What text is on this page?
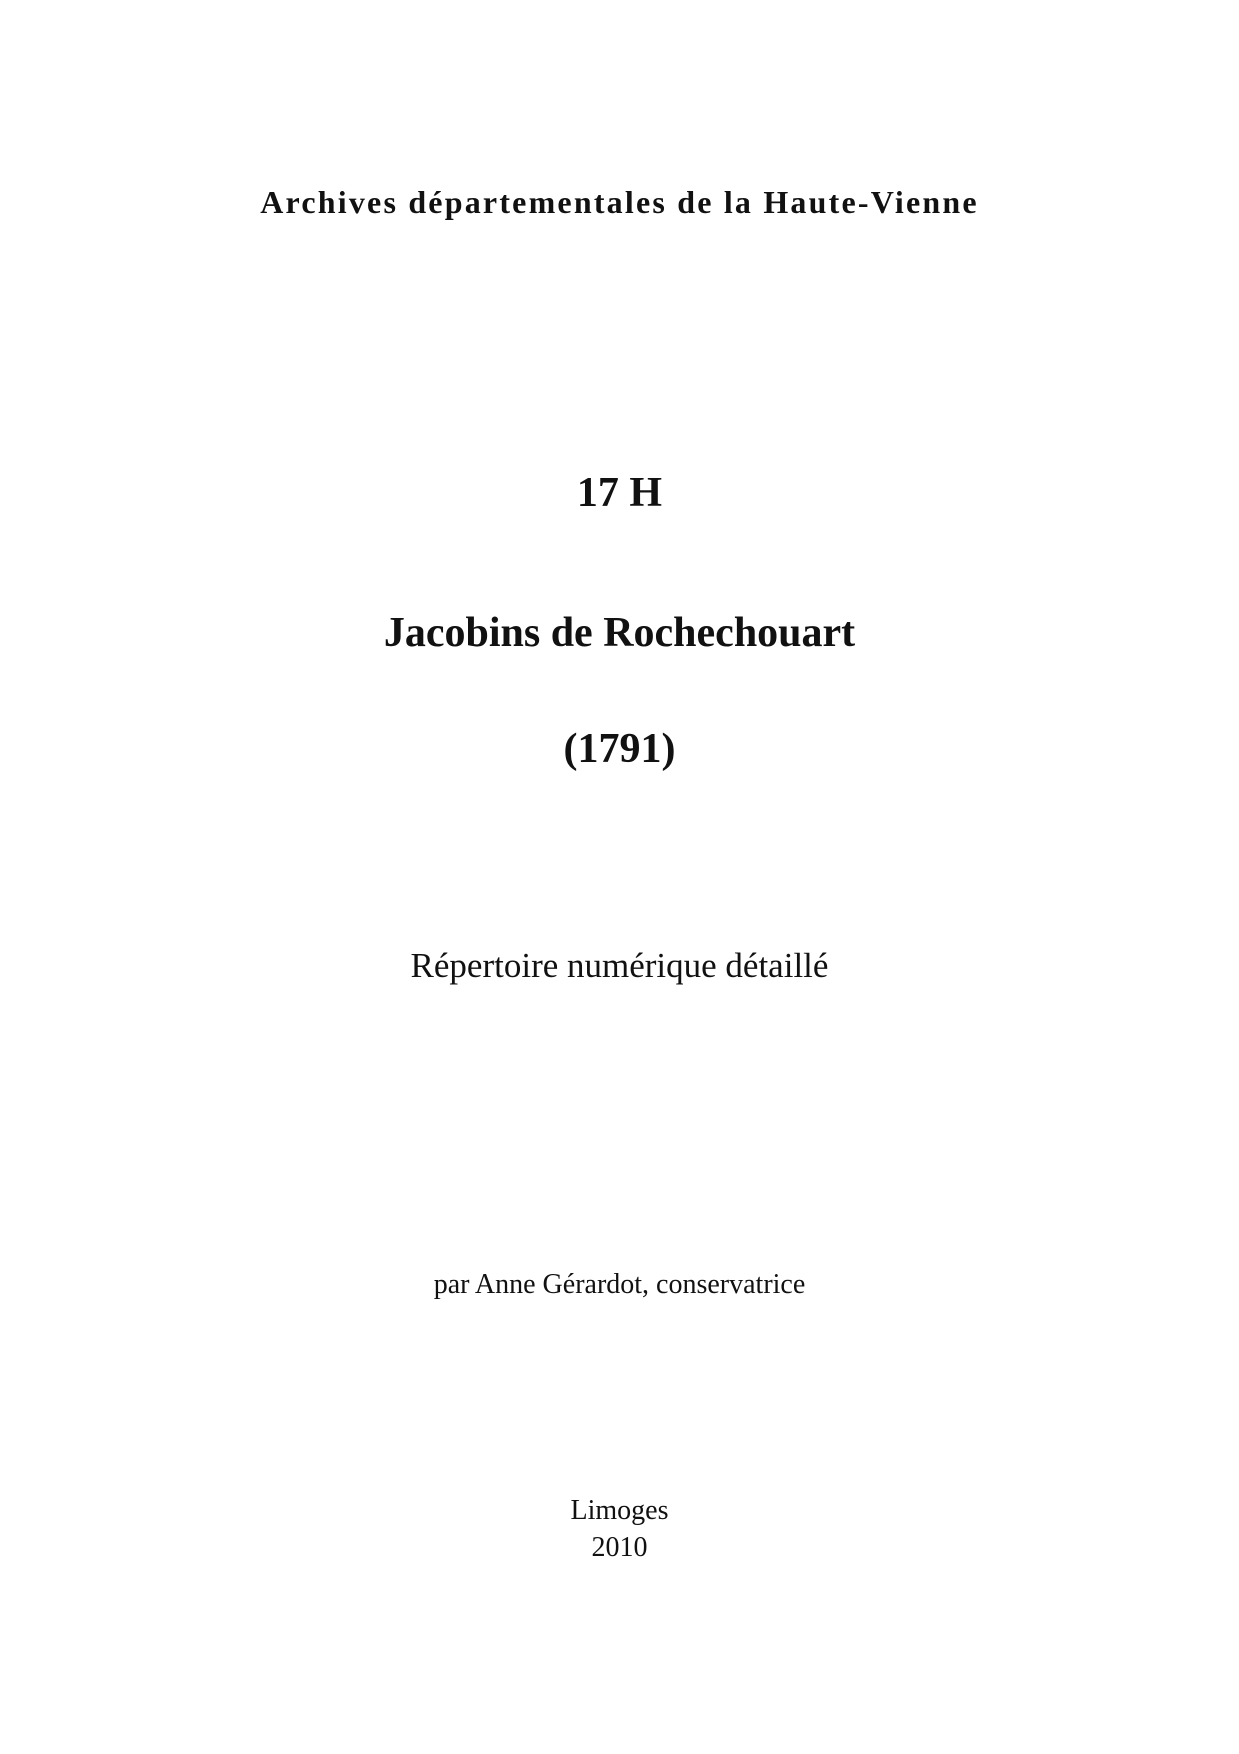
Archives départementales de la Haute-Vienne
17 H
Jacobins de Rochechouart
(1791)
Répertoire numérique détaillé
par Anne Gérardot, conservatrice
Limoges
2010
